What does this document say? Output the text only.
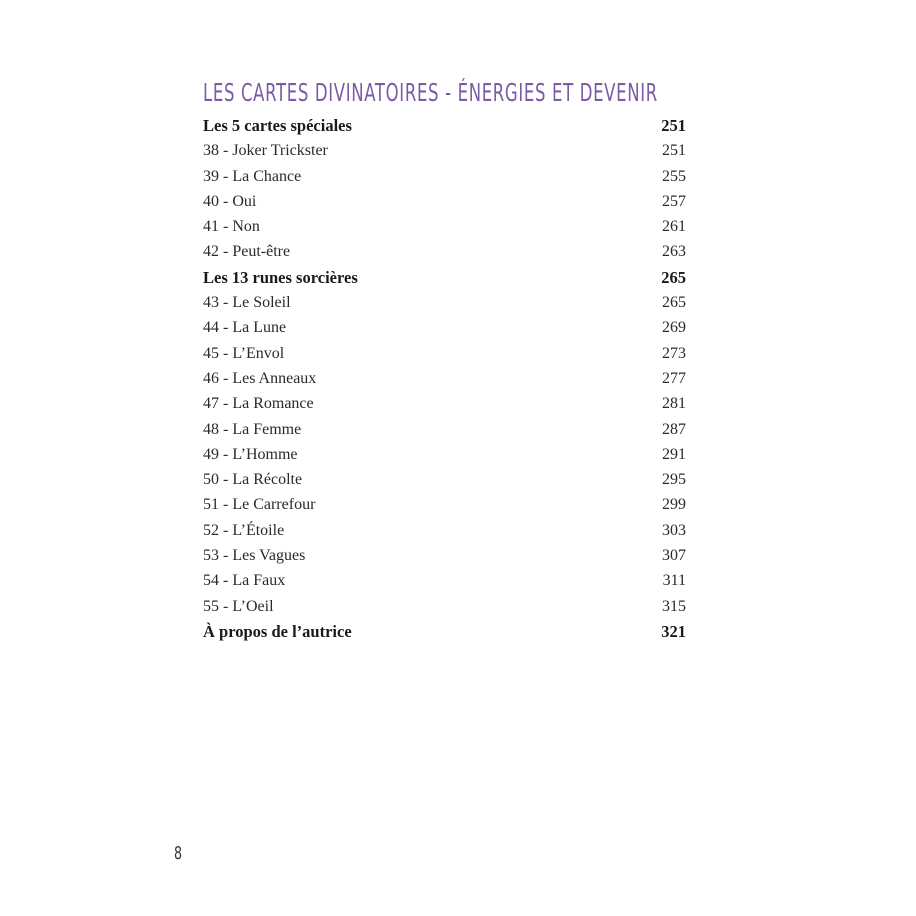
LES CARTES DIVINATOIRES - ÉNERGIES ET DEVENIR
Les 5 cartes spéciales	251
38 - Joker Trickster	251
39 - La Chance	255
40 - Oui	257
41 - Non	261
42 - Peut-être	263
Les 13 runes sorcières	265
43 - Le Soleil	265
44 - La Lune	269
45 - L’Envol	273
46 - Les Anneaux	277
47 - La Romance	281
48 - La Femme	287
49 - L’Homme	291
50 - La Récolte	295
51 - Le Carrefour	299
52 - L’Étoile	303
53 - Les Vagues	307
54 - La Faux	311
55 - L’Oeil	315
À propos de l’autrice	321
8
